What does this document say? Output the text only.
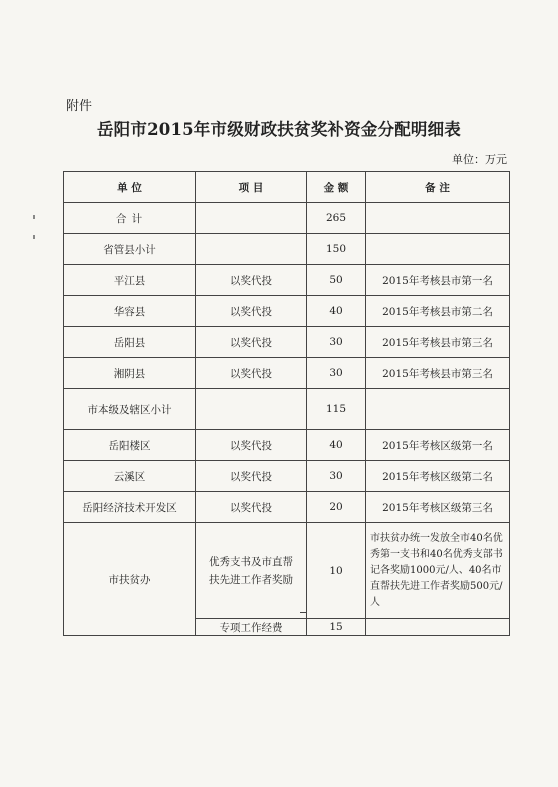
附件
岳阳市2015年市级财政扶贫奖补资金分配明细表
单位：万元
单 位	项 目	金 额	备 注
合 计		265	
省管县小计		150	
平江县	以奖代投	50	2015年考核县市第一名
华容县	以奖代投	40	2015年考核县市第二名
岳阳县	以奖代投	30	2015年考核县市第三名
湘阴县	以奖代投	30	2015年考核县市第三名
市本级及辖区小计		115	
岳阳楼区	以奖代投	40	2015年考核区级第一名
云溪区	以奖代投	30	2015年考核区级第二名
岳阳经济技术开发区	以奖代投	20	2015年考核区级第三名
市扶贫办	优秀支书及市直帮扶先进工作者奖励	10	市扶贫办统一发放全市40名优秀第一支书和40名优秀支部书记各奖励1000元/人、40名市直帮扶先进工作者奖励500元/人
	专项工作经费	15	
